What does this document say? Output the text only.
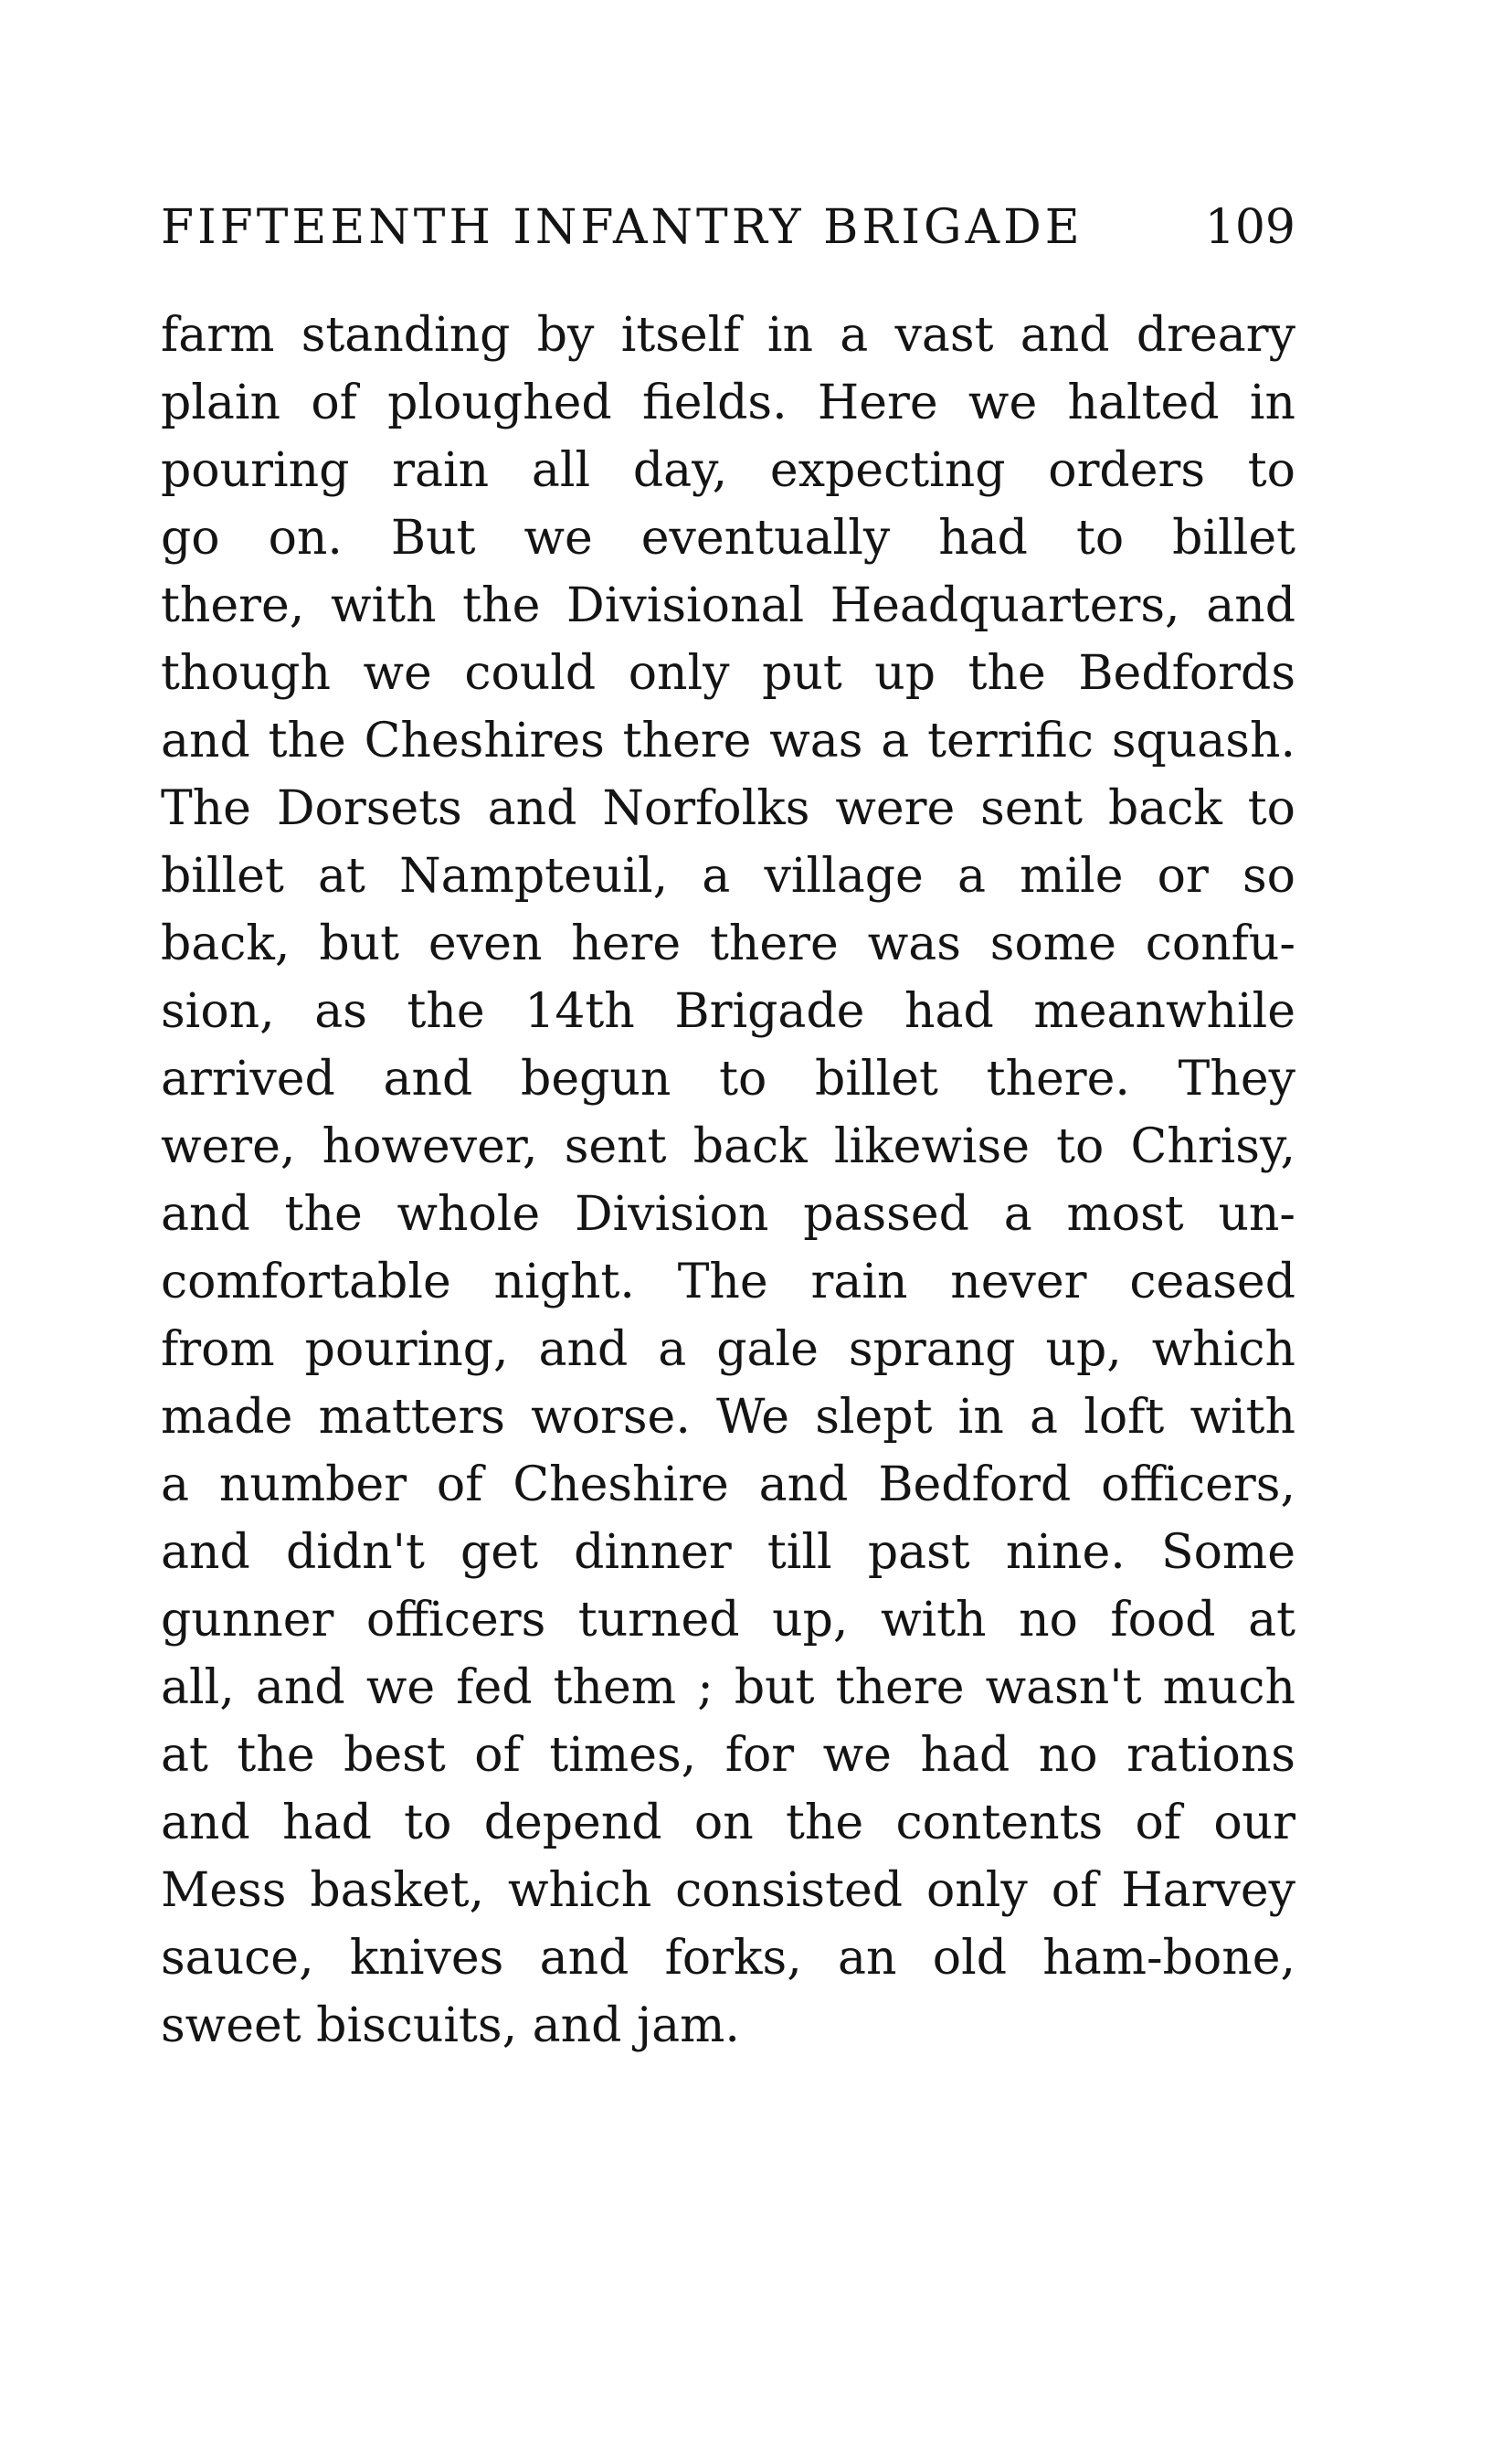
FIFTEENTH INFANTRY BRIGADE	109
farm standing by itself in a vast and dreary
plain of ploughed fields. Here we halted in
pouring rain all day, expecting orders to
go on. But we eventually had to billet
there, with the Divisional Headquarters, and
though we could only put up the Bedfords
and the Cheshires there was a terrific squash.
The Dorsets and Norfolks were sent back to
billet at Nampteuil, a village a mile or so
back, but even here there was some confu-
sion, as the 14th Brigade had meanwhile
arrived and begun to billet there. They
were, however, sent back likewise to Chrisy,
and the whole Division passed a most un-
comfortable night. The rain never ceased
from pouring, and a gale sprang up, which
made matters worse. We slept in a loft with
a number of Cheshire and Bedford officers,
and didn't get dinner till past nine. Some
gunner officers turned up, with no food at
all, and we fed them ; but there wasn't much
at the best of times, for we had no rations
and had to depend on the contents of our
Mess basket, which consisted only of Harvey
sauce, knives and forks, an old ham-bone,
sweet biscuits, and jam.
